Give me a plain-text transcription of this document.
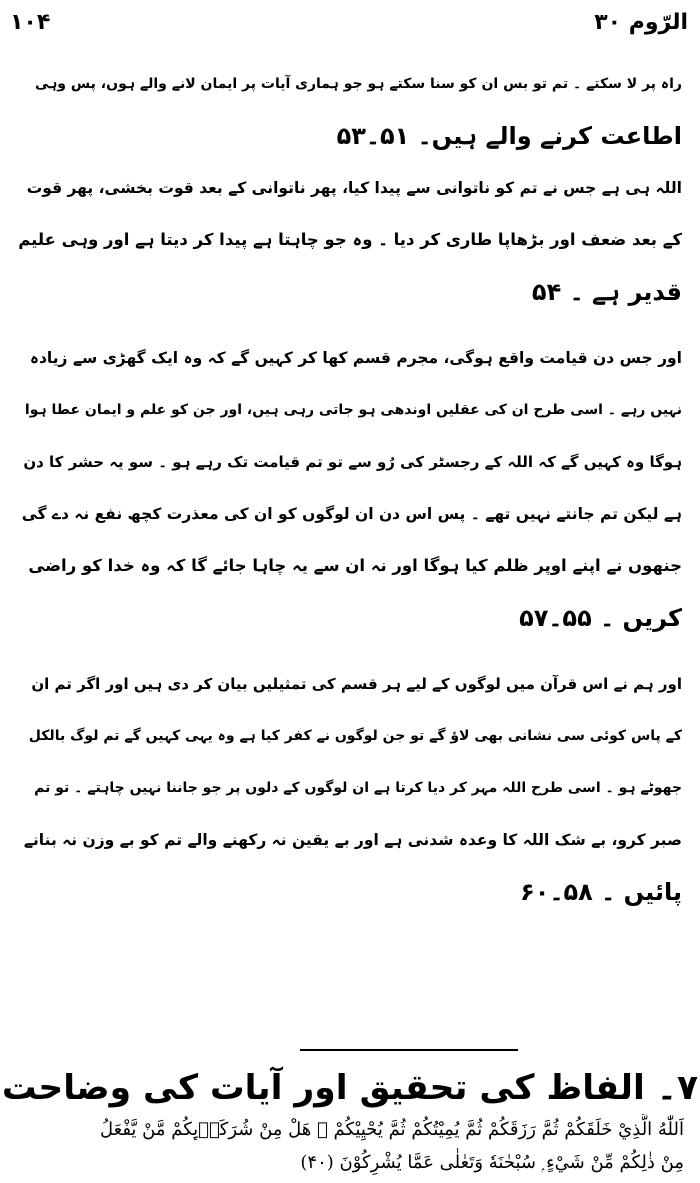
۱۰۴	الرّوم ۳۰
راہ پر لا سکتے ۔ تم تو بس ان کو سنا سکتے ہو جو ہماری آیات پر ایمان لانے والے ہوں، پس وہی
اطاعت کرنے والے ہیں۔ ۵۱۔۵۳
اللہ ہی ہے جس نے تم کو ناتوانی سے پیدا کیا، پھر ناتوانی کے بعد قوت بخشی، پھر قوت
کے بعد ضعف اور بڑھاپا طاری کر دیا ۔ وہ جو چاہتا ہے پیدا کر دیتا ہے اور وہی علیم
قدیر ہے ۔ ۵۴
اور جس دن قیامت واقع ہوگی، مجرم قسم کھا کر کہیں گے کہ وہ ایک گھڑی سے زیادہ
نہیں رہے ۔ اسی طرح ان کی عقلیں اوندھی ہو جاتی رہی ہیں، اور جن کو علم و ایمان عطا ہوا
ہوگا وہ کہیں گے کہ اللہ کے رجسٹر کی رُو سے تو تم قیامت تک رہے ہو ۔ سو یہ حشر کا دن
ہے لیکن تم جانتے نہیں تھے ۔ پس اس دن ان لوگوں کو ان کی معذرت کچھ نفع نہ دے گی
جنھوں نے اپنے اوپر ظلم کیا ہوگا اور نہ ان سے یہ چاہا جائے گا کہ وہ خدا کو راضی
کریں ۔ ۵۵۔۵۷
اور ہم نے اس قرآن میں لوگوں کے لیے ہر قسم کی تمثیلیں بیان کر دی ہیں اور اگر تم ان
کے پاس کوئی سی نشانی بھی لاؤ گے تو جن لوگوں نے کفر کیا ہے وہ یہی کہیں گے تم لوگ بالکل
جھوٹے ہو ۔ اسی طرح اللہ مہر کر دیا کرتا ہے ان لوگوں کے دلوں پر جو جاننا نہیں چاہتے ۔ تو تم
صبر کرو، بے شک اللہ کا وعدہ شدنی ہے اور بے یقین نہ رکھنے والے تم کو بے وزن نہ بنانے
پائیں ۔ ۵۸۔۶۰
۷۔ الفاظ کی تحقیق اور آیات کی وضاحت
اَللّٰهُ الَّذِيْ خَلَقَكُمْ ثُمَّ رَزَقَكُمْ ثُمَّ يُمِيْتُكُمْ ثُمَّ يُحْيِيْكُمْ ۭ هَلْ مِنْ شُرَكَاۗىِٕكُمْ مَّنْ يَّفْعَلُ
مِنْ ذٰلِكُمْ مِّنْ شَيْءٍ ۭ سُبْحٰنَهٗ وَتَعٰلٰى عَمَّا يُشْرِكُوْنَ (۴۰)
